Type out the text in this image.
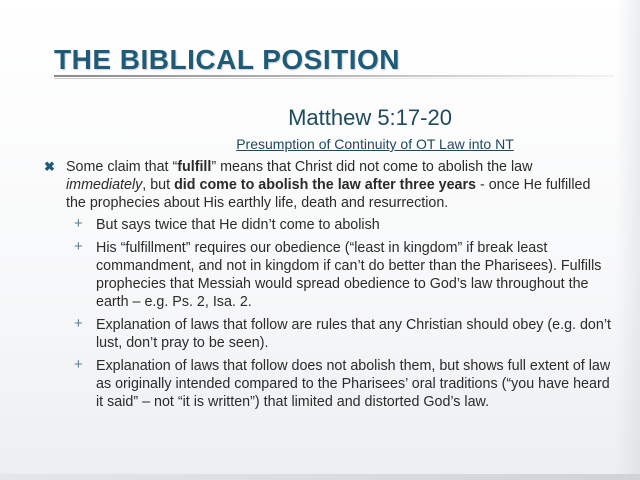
THE BIBLICAL POSITION
Matthew 5:17-20
Presumption of Continuity of OT Law into NT
✖ Some claim that “fulfill” means that Christ did not come to abolish the law immediately, but did come to abolish the law after three years - once He fulfilled the prophecies about His earthly life, death and resurrection.
+ But says twice that He didn’t come to abolish
+ His “fulfillment” requires our obedience (“least in kingdom” if break least commandment, and not in kingdom if can’t do better than the Pharisees). Fulfills prophecies that Messiah would spread obedience to God’s law throughout the earth – e.g. Ps. 2, Isa. 2.
+ Explanation of laws that follow are rules that any Christian should obey (e.g. don’t lust, don’t pray to be seen).
+ Explanation of laws that follow does not abolish them, but shows full extent of law as originally intended compared to the Pharisees’ oral traditions (“you have heard it said” – not “it is written”) that limited and distorted God’s law.
